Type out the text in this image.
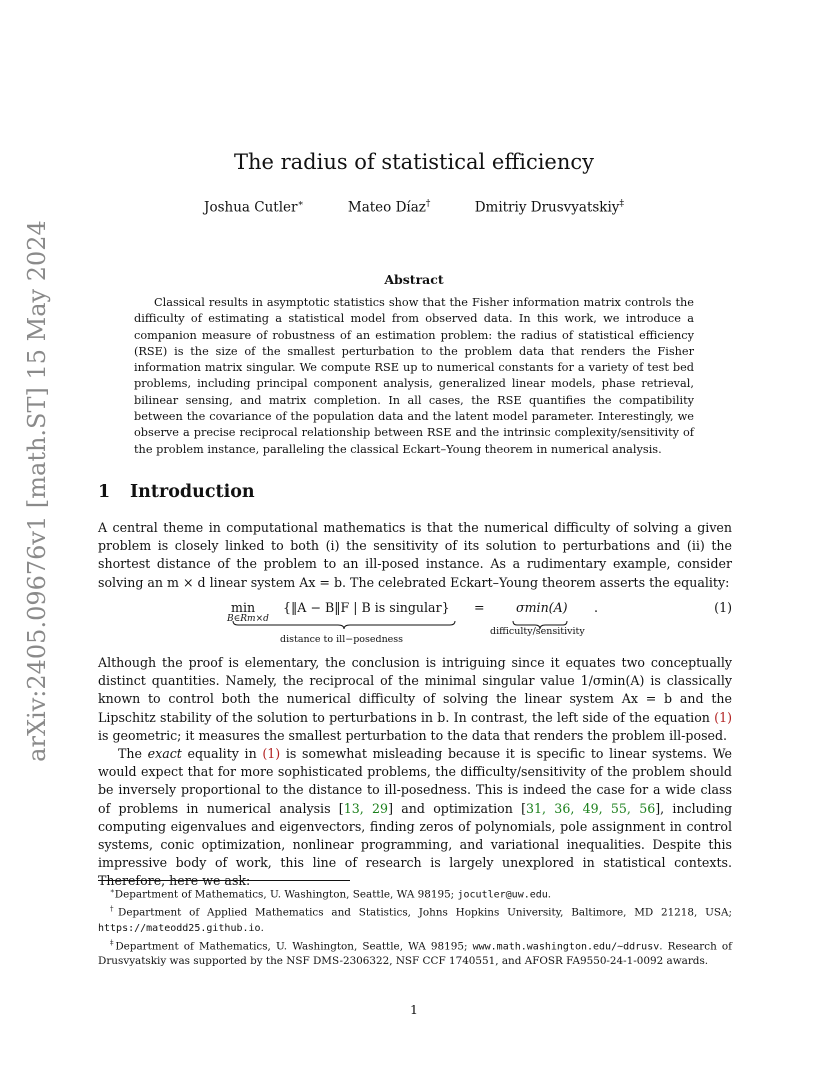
arXiv:2405.09676v1 [math.ST] 15 May 2024
The radius of statistical efficiency
Joshua Cutler∗	Mateo Díaz†	Dmitriy Drusvyatskiy‡
Abstract
Classical results in asymptotic statistics show that the Fisher information matrix controls the difficulty of estimating a statistical model from observed data. In this work, we introduce a companion measure of robustness of an estimation problem: the radius of statistical efficiency (RSE) is the size of the smallest perturbation to the problem data that renders the Fisher information matrix singular. We compute RSE up to numerical constants for a variety of test bed problems, including principal component analysis, generalized linear models, phase retrieval, bilinear sensing, and matrix completion. In all cases, the RSE quantifies the compatibility between the covariance of the population data and the latent model parameter. Interestingly, we observe a precise reciprocal relationship between RSE and the intrinsic complexity/sensitivity of the problem instance, paralleling the classical Eckart–Young theorem in numerical analysis.
1 Introduction
A central theme in computational mathematics is that the numerical difficulty of solving a given problem is closely linked to both (i) the sensitivity of its solution to perturbations and (ii) the shortest distance of the problem to an ill-posed instance. As a rudimentary example, consider solving an m × d linear system Ax = b. The celebrated Eckart–Young theorem asserts the equality:
min
B∈Rm×d
{‖A − B‖F | B is singular}
distance to ill−posedness
= σmin(A)
difficulty/sensitivity
.	(1)
Although the proof is elementary, the conclusion is intriguing since it equates two conceptually distinct quantities. Namely, the reciprocal of the minimal singular value 1/σmin(A) is classically known to control both the numerical difficulty of solving the linear system Ax = b and the Lipschitz stability of the solution to perturbations in b. In contrast, the left side of the equation (1) is geometric; it measures the smallest perturbation to the data that renders the problem ill-posed.
The exact equality in (1) is somewhat misleading because it is specific to linear systems. We would expect that for more sophisticated problems, the difficulty/sensitivity of the problem should be inversely proportional to the distance to ill-posedness. This is indeed the case for a wide class of problems in numerical analysis [13, 29] and optimization [31, 36, 49, 55, 56], including computing eigenvalues and eigenvectors, finding zeros of polynomials, pole assignment in control systems, conic optimization, nonlinear programming, and variational inequalities. Despite this impressive body of work, this line of research is largely unexplored in statistical contexts.
∗Department of Mathematics, U. Washington, Seattle, WA 98195; jocutler@uw.edu.
†Department of Applied Mathematics and Statistics, Johns Hopkins University, Baltimore, MD 21218, USA; https://mateodd25.github.io.
‡Department of Mathematics, U. Washington, Seattle, WA 98195; www.math.washington.edu/~ddrusv. Research of Drusvyatskiy was supported by the NSF DMS-2306322, NSF CCF 1740551, and AFOSR FA9550-24-1-0092 awards.
1
